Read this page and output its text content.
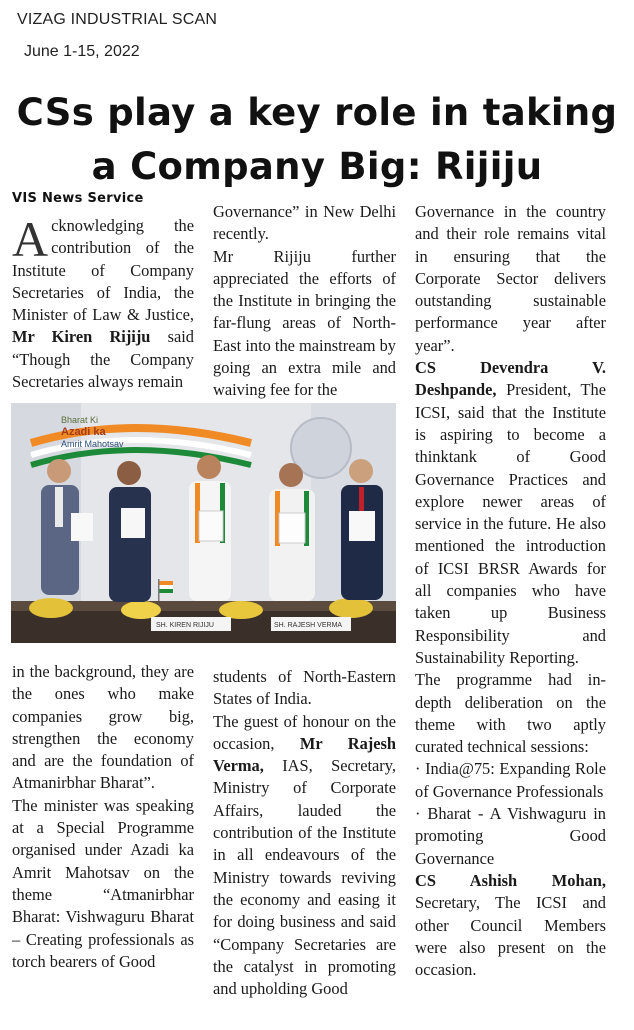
VIZAG INDUSTRIAL SCAN
June 1-15, 2022
CSs play a key role in taking
a Company Big: Rijiju
VIS News Service

Acknowledging the contribution of the Institute of Company Secretaries of India, the Minister of Law & Justice, Mr Kiren Rijiju said “Though the Company Secretaries always remain

Governance” in New Delhi recently.

Mr Rijiju further appreciated the efforts of the Institute in bringing the far-flung areas of North-East into the mainstream by going an extra mile and waiving fee for the

Governance in the country and their role remains vital in ensuring that the Corporate Sector delivers outstanding sustainable performance year after year”.

CS Devendra V. Deshpande, President, The ICSI, said that the Institute is aspiring to become a thinktank of Good Governance Practices and explore newer areas of service in the future. He also mentioned the introduction of ICSI BRSR Awards for all companies who have taken up Business Responsibility and Sustainability Reporting.

The programme had in-depth deliberation on the theme with two aptly curated technical sessions:

· India@75: Expanding Role of Governance Professionals

· Bharat - A Vishwaguru in promoting Good Governance

CS Ashish Mohan, Secretary, The ICSI and other Council Members were also present on the occasion.

Bharat Ki
Azadi ka
Amrit Mahotsav
SH. KIREN RIJIJU	SH. RAJESH VERMA

in the background, they are the ones who make companies grow big, strengthen the economy and are the foundation of Atmanirbhar Bharat”.

The minister was speaking at a Special Programme organised under Azadi ka Amrit Mahotsav on the theme “Atmanirbhar Bharat: Vishwaguru Bharat – Creating professionals as torch bearers of Good

students of North-Eastern States of India.

The guest of honour on the occasion, Mr Rajesh Verma, IAS, Secretary, Ministry of Corporate Affairs, lauded the contribution of the Institute in all endeavours of the Ministry towards reviving the economy and easing it for doing business and said “Company Secretaries are the catalyst in promoting and upholding Good
